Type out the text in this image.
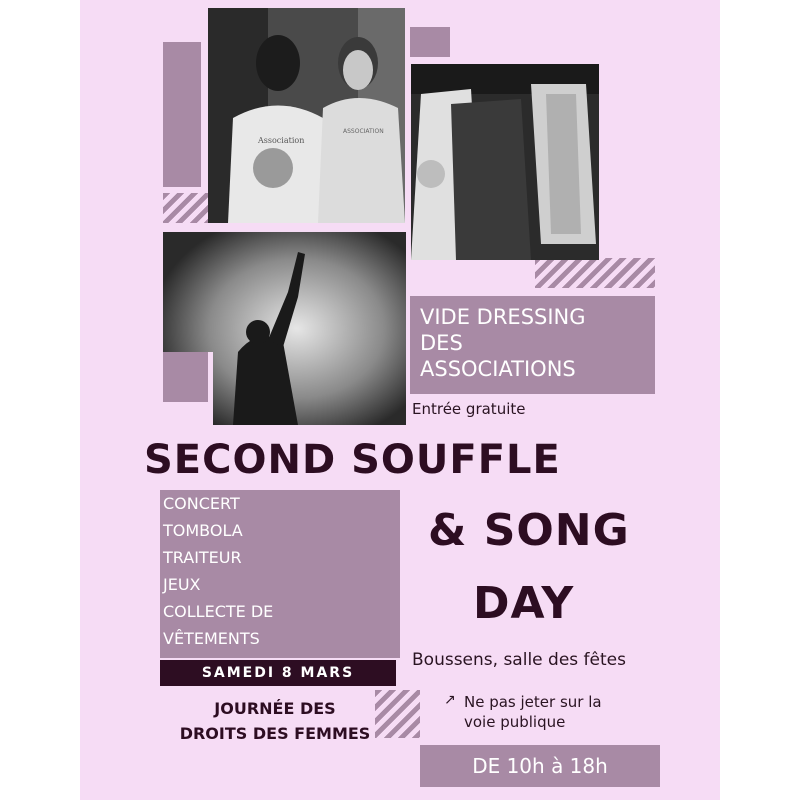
Association
ASSOCIATION
VIDE DRESSING
DES
ASSOCIATIONS
Entrée gratuite
SECOND SOUFFLE
& SONG
DAY
CONCERT
TOMBOLA
TRAITEUR
JEUX
COLLECTE DE
VÊTEMENTS
SAMEDI 8 MARS
JOURNÉE DES
DROITS DES FEMMES
Boussens, salle des fêtes
↗ Ne pas jeter sur la
voie publique
DE 10h à 18h
